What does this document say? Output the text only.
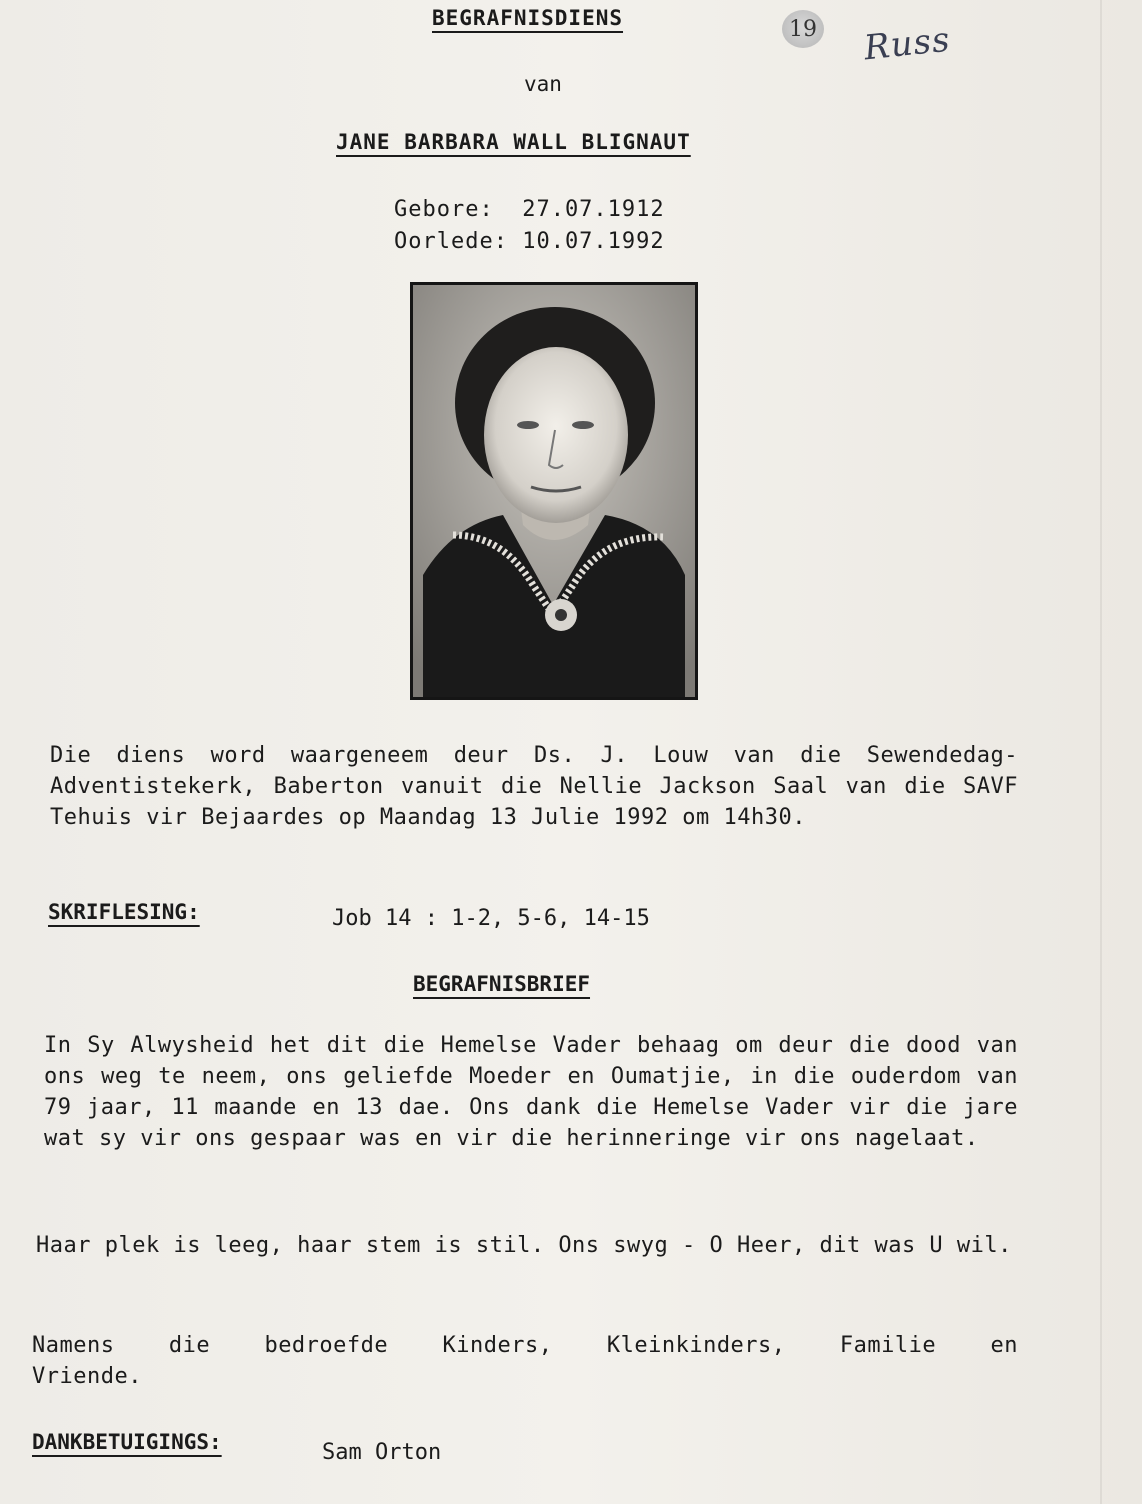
BEGRAFNISDIENS
van
JANE BARBARA WALL BLIGNAUT
Gebore:  27.07.1912
Oorlede: 10.07.1992
Die diens word waargeneem deur Ds. J. Louw van die Sewendedag-Adventistekerk, Baberton vanuit die Nellie Jackson Saal van die SAVF Tehuis vir Bejaardes op Maandag 13 Julie 1992 om 14h30.
SKRIFLESING:	Job 14 : 1-2, 5-6, 14-15
BEGRAFNISBRIEF
In Sy Alwysheid het dit die Hemelse Vader behaag om deur die dood van ons weg te neem, ons geliefde Moeder en Oumatjie, in die ouderdom van 79 jaar, 11 maande en 13 dae. Ons dank die Hemelse Vader vir die jare wat sy vir ons gespaar was en vir die herinneringe vir ons nagelaat.
Haar plek is leeg, haar stem is stil. Ons swyg - O Heer, dit was U wil.
Namens die bedroefde Kinders, Kleinkinders, Familie en Vriende.
DANKBETUIGINGS:	Sam Orton
19 Russ
